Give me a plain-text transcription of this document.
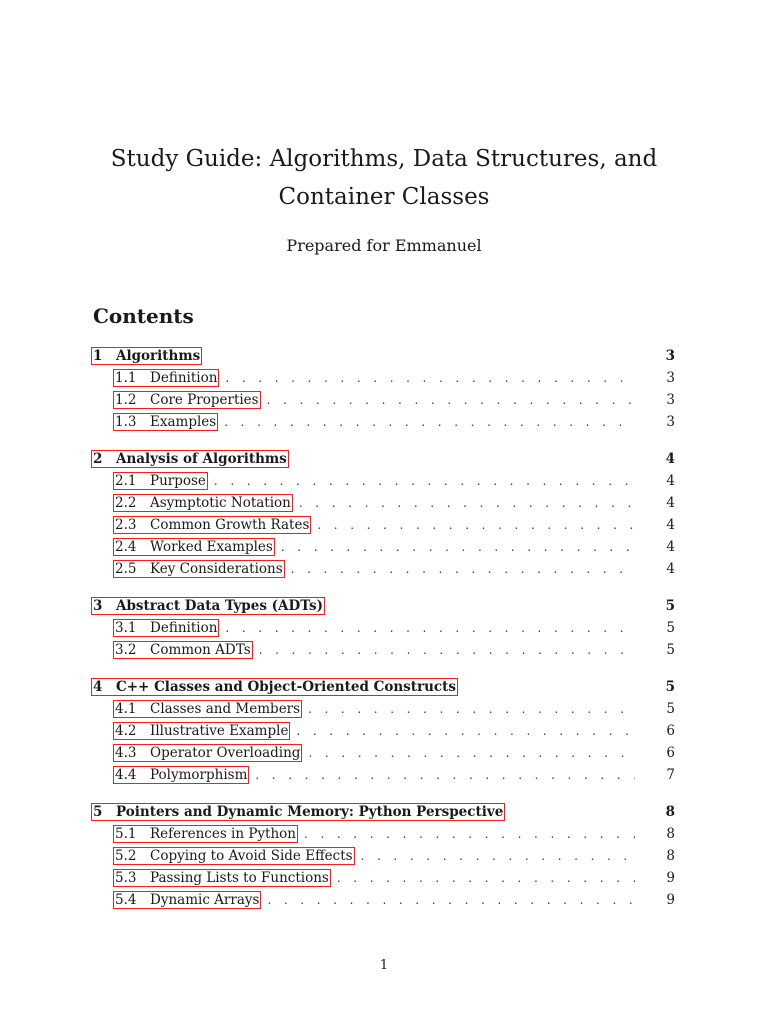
Study Guide: Algorithms, Data Structures, and
Container Classes
Prepared for Emmanuel
Contents
1	Algorithms	3
1.1	Definition . . .	3
1.2	Core Properties . . .	3
1.3	Examples . . .	3
2	Analysis of Algorithms	4
2.1	Purpose . . .	4
2.2	Asymptotic Notation . . .	4
2.3	Common Growth Rates . . .	4
2.4	Worked Examples . . .	4
2.5	Key Considerations . . .	4
3	Abstract Data Types (ADTs)	5
3.1	Definition . . .	5
3.2	Common ADTs . . .	5
4	C++ Classes and Object-Oriented Constructs	5
4.1	Classes and Members . . .	5
4.2	Illustrative Example . . .	6
4.3	Operator Overloading . . .	6
4.4	Polymorphism . . .	7
5	Pointers and Dynamic Memory: Python Perspective	8
5.1	References in Python . . .	8
5.2	Copying to Avoid Side Effects . . .	8
5.3	Passing Lists to Functions . . .	9
5.4	Dynamic Arrays . . .	9
1
